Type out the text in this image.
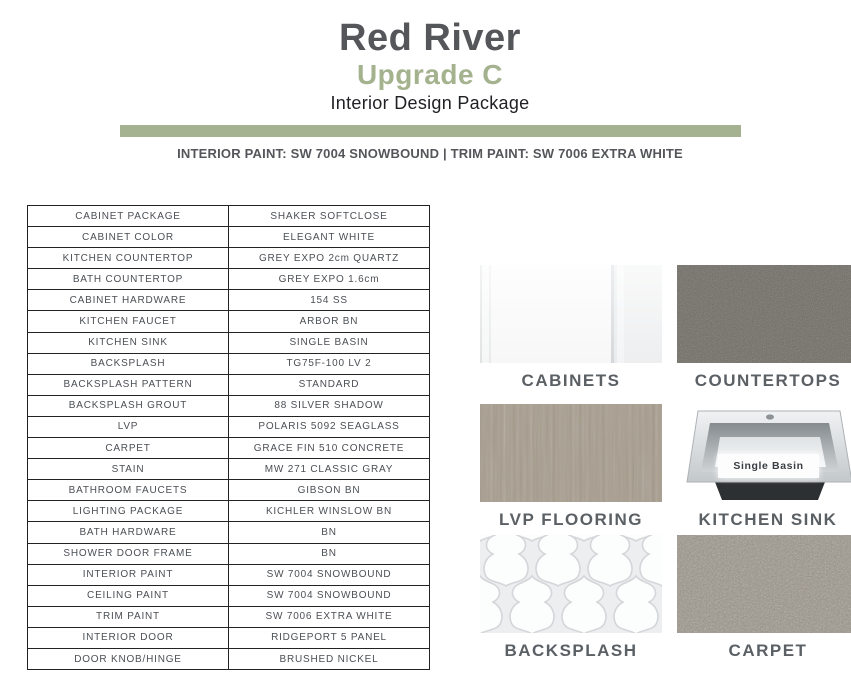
Red River
Upgrade C
Interior Design Package
INTERIOR PAINT: SW 7004 SNOWBOUND | TRIM PAINT: SW 7006 EXTRA WHITE
CABINET PACKAGE	SHAKER SOFTCLOSE
CABINET COLOR	ELEGANT WHITE
KITCHEN COUNTERTOP	GREY EXPO 2cm QUARTZ
BATH COUNTERTOP	GREY EXPO 1.6cm
CABINET HARDWARE	154 SS
KITCHEN FAUCET	ARBOR BN
KITCHEN SINK	SINGLE BASIN
BACKSPLASH	TG75F-100 LV 2
BACKSPLASH PATTERN	STANDARD
BACKSPLASH GROUT	88 SILVER SHADOW
LVP	POLARIS 5092 SEAGLASS
CARPET	GRACE FIN 510 CONCRETE
STAIN	MW 271 CLASSIC GRAY
BATHROOM FAUCETS	GIBSON BN
LIGHTING PACKAGE	KICHLER WINSLOW BN
BATH HARDWARE	BN
SHOWER DOOR FRAME	BN
INTERIOR PAINT	SW 7004 SNOWBOUND
CEILING PAINT	SW 7004 SNOWBOUND
TRIM PAINT	SW 7006 EXTRA WHITE
INTERIOR DOOR	RIDGEPORT 5 PANEL
DOOR KNOB/HINGE	BRUSHED NICKEL
CABINETS	COUNTERTOPS
LVP FLOORING
Single Basin
KITCHEN SINK
BACKSPLASH	CARPET
